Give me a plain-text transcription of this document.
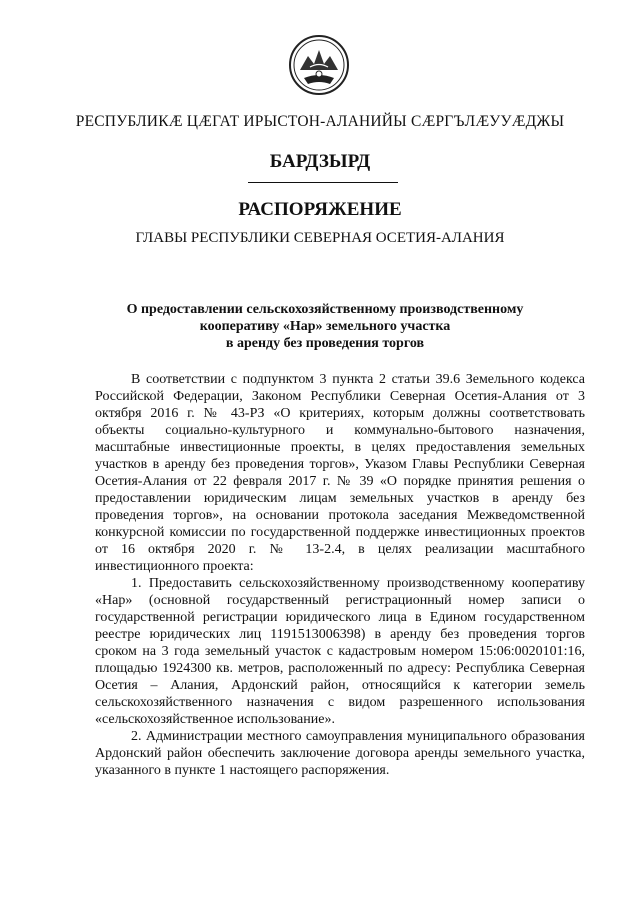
РЕСПУБЛИКÆ ЦÆГАТ ИРЫСТОН-АЛАНИЙЫ СÆРГЪЛÆУУÆДЖЫ
БАРДЗЫРД
РАСПОРЯЖЕНИЕ
ГЛАВЫ РЕСПУБЛИКИ СЕВЕРНАЯ ОСЕТИЯ-АЛАНИЯ
О предоставлении сельскохозяйственному производственному
кооперативу «Нар» земельного участка
в аренду без проведения торгов

В соответствии с подпунктом 3 пункта 2 статьи 39.6 Земельного кодекса Российской Федерации, Законом Республики Северная Осетия-Алания от 3 октября 2016 г. № 43-РЗ «О критериях, которым должны соответствовать объекты социально-культурного и коммунально-бытового назначения, масштабные инвестиционные проекты, в целях предоставления земельных участков в аренду без проведения торгов», Указом Главы Республики Северная Осетия-Алания от 22 февраля 2017 г. № 39 «О порядке принятия решения о предоставлении юридическим лицам земельных участков в аренду без проведения торгов», на основании протокола заседания Межведомственной конкурсной комиссии по государственной поддержке инвестиционных проектов от 16 октября 2020 г. № 13-2.4, в целях реализации масштабного инвестиционного проекта:

1. Предоставить сельскохозяйственному производственному кооперативу «Нар» (основной государственный регистрационный номер записи о государственной регистрации юридического лица в Едином государственном реестре юридических лиц 1191513006398) в аренду без проведения торгов сроком на 3 года земельный участок с кадастровым номером 15:06:0020101:16, площадью 1924300 кв. метров, расположенный по адресу: Республика Северная Осетия – Алания, Ардонский район, относящийся к категории земель сельскохозяйственного назначения с видом разрешенного использования «сельскохозяйственное использование».

2. Администрации местного самоуправления муниципального образования Ардонский район обеспечить заключение договора аренды земельного участка, указанного в пункте 1 настоящего распоряжения.
